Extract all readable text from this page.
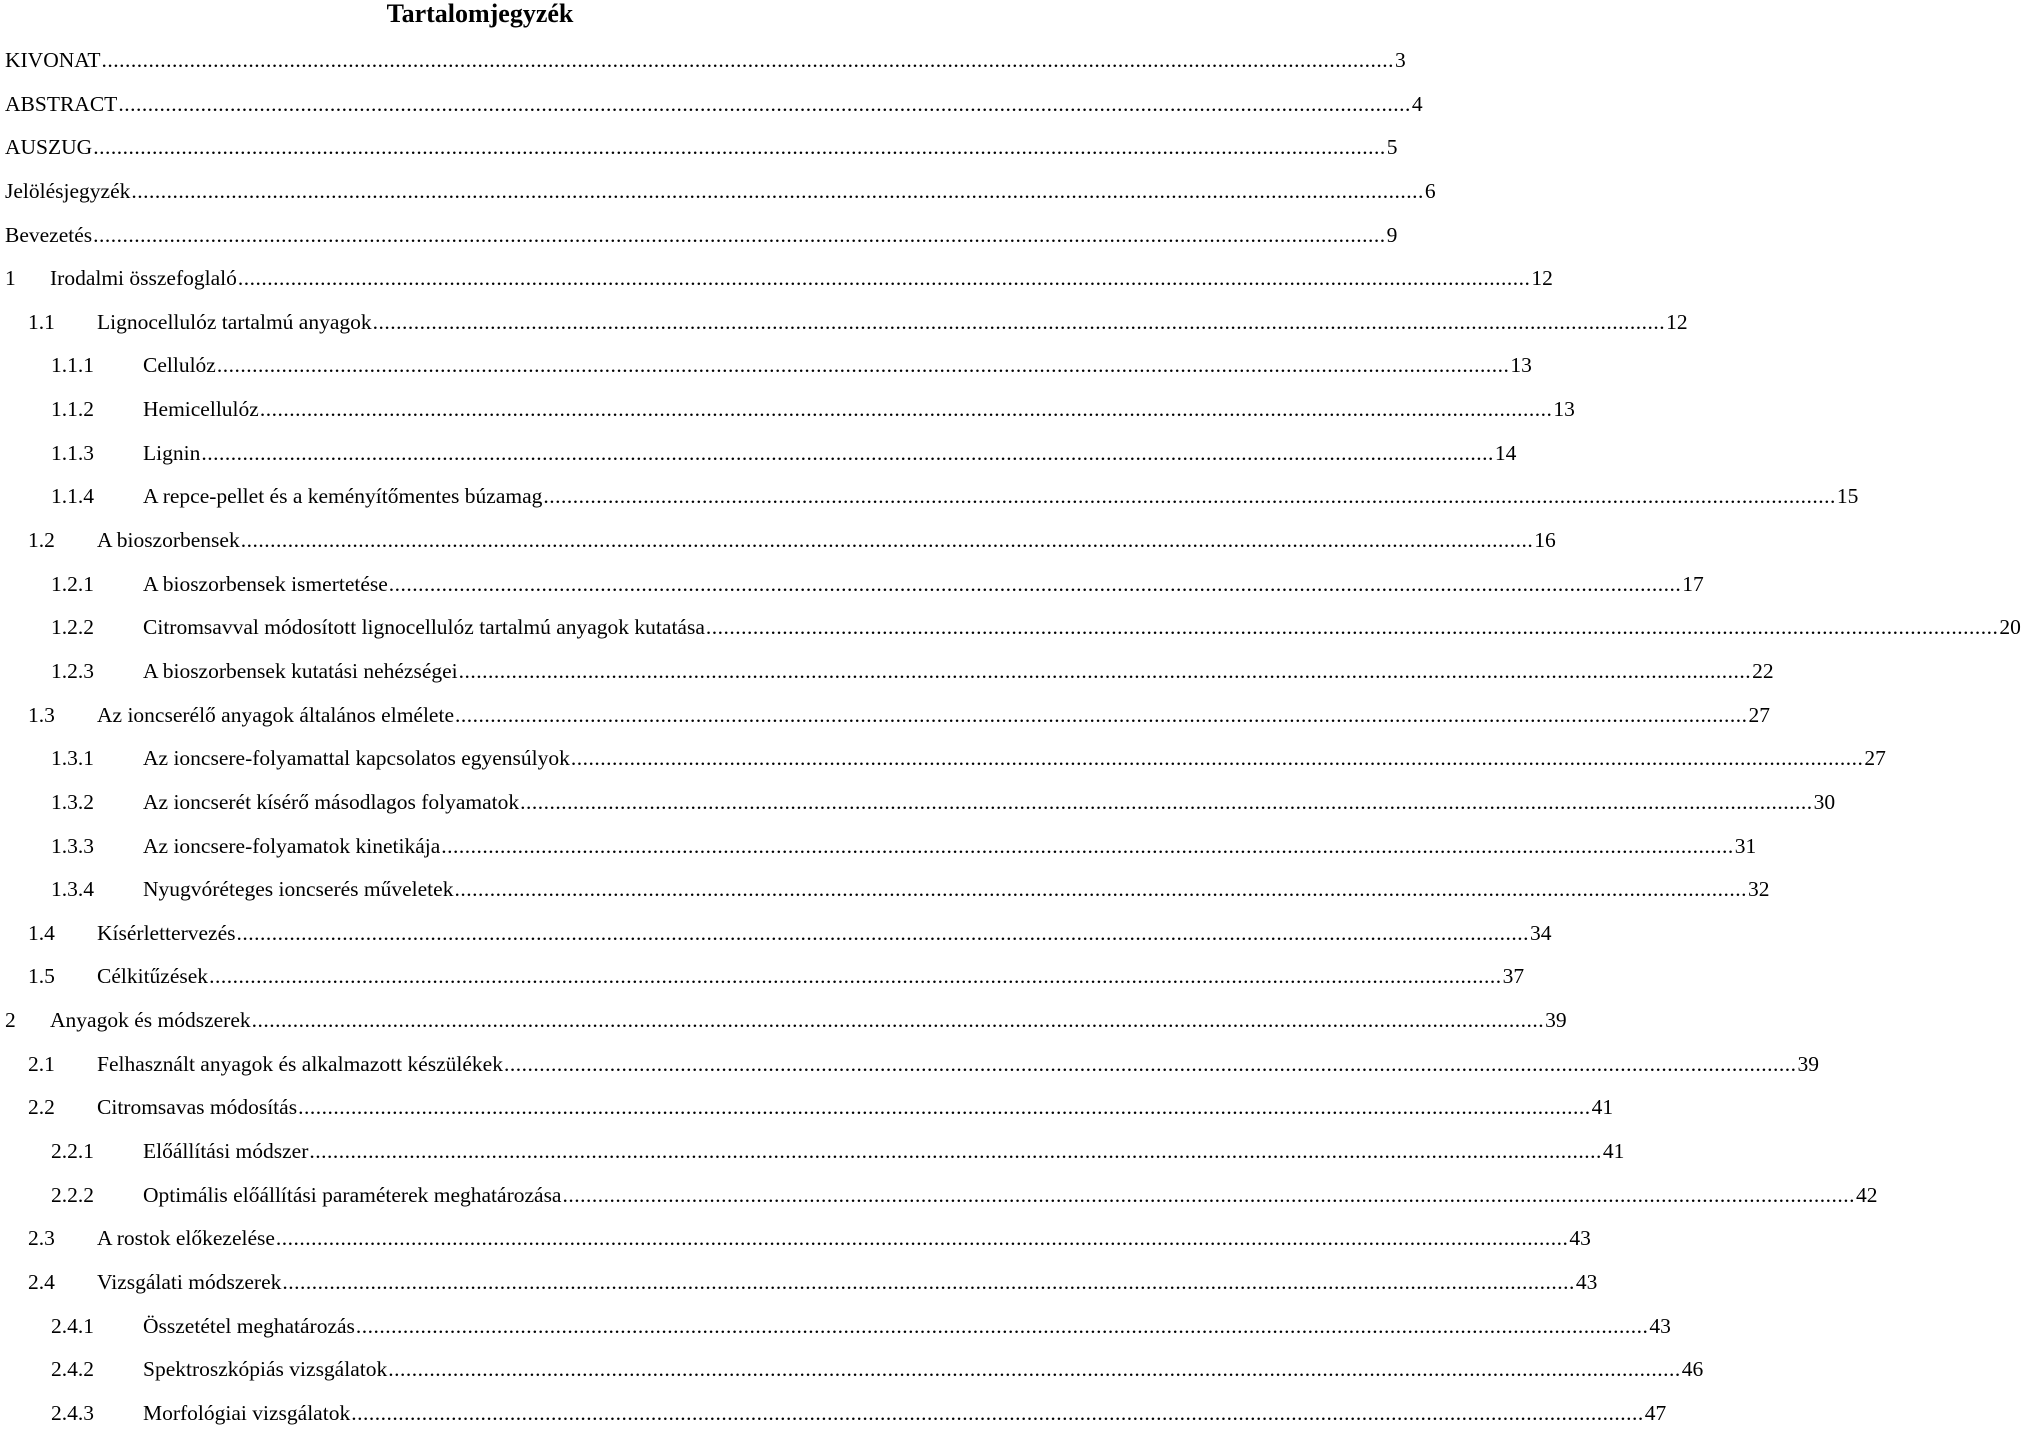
Tartalomjegyzék
KIVONAT ............................................................................................................................................................................................................................ 3
ABSTRACT ............................................................................................................................................................................................................................ 4
AUSZUG ............................................................................................................................................................................................................................ 5
Jelölésjegyzék ............................................................................................................................................................................................................................ 6
Bevezetés ............................................................................................................................................................................................................................ 9
1 Irodalmi összefoglaló ............................................................................................................................................................................................................................ 12
1.1 Lignocellulóz tartalmú anyagok ............................................................................................................................................................................................................................ 12
1.1.1 Cellulóz ............................................................................................................................................................................................................................ 13
1.1.2 Hemicellulóz ............................................................................................................................................................................................................................ 13
1.1.3 Lignin ............................................................................................................................................................................................................................ 14
1.1.4 A repce-pellet és a keményítőmentes búzamag ............................................................................................................................................................................................................................ 15
1.2 A bioszorbensek ............................................................................................................................................................................................................................ 16
1.2.1 A bioszorbensek ismertetése ............................................................................................................................................................................................................................ 17
1.2.2 Citromsavval módosított lignocellulóz tartalmú anyagok kutatása ............................................................................................................................................................................................................................ 20
1.2.3 A bioszorbensek kutatási nehézségei ............................................................................................................................................................................................................................ 22
1.3 Az ioncserélő anyagok általános elmélete ............................................................................................................................................................................................................................ 27
1.3.1 Az ioncsere-folyamattal kapcsolatos egyensúlyok ............................................................................................................................................................................................................................ 27
1.3.2 Az ioncserét kísérő másodlagos folyamatok ............................................................................................................................................................................................................................ 30
1.3.3 Az ioncsere-folyamatok kinetikája ............................................................................................................................................................................................................................ 31
1.3.4 Nyugvóréteges ioncserés műveletek ............................................................................................................................................................................................................................ 32
1.4 Kísérlettervezés ............................................................................................................................................................................................................................ 34
1.5 Célkitűzések ............................................................................................................................................................................................................................ 37
2 Anyagok és módszerek ............................................................................................................................................................................................................................ 39
2.1 Felhasznált anyagok és alkalmazott készülékek ............................................................................................................................................................................................................................ 39
2.2 Citromsavas módosítás ............................................................................................................................................................................................................................ 41
2.2.1 Előállítási módszer ............................................................................................................................................................................................................................ 41
2.2.2 Optimális előállítási paraméterek meghatározása ............................................................................................................................................................................................................................ 42
2.3 A rostok előkezelése ............................................................................................................................................................................................................................ 43
2.4 Vizsgálati módszerek ............................................................................................................................................................................................................................ 43
2.4.1 Összetétel meghatározás ............................................................................................................................................................................................................................ 43
2.4.2 Spektroszkópiás vizsgálatok ............................................................................................................................................................................................................................ 46
2.4.3 Morfológiai vizsgálatok ............................................................................................................................................................................................................................ 47
